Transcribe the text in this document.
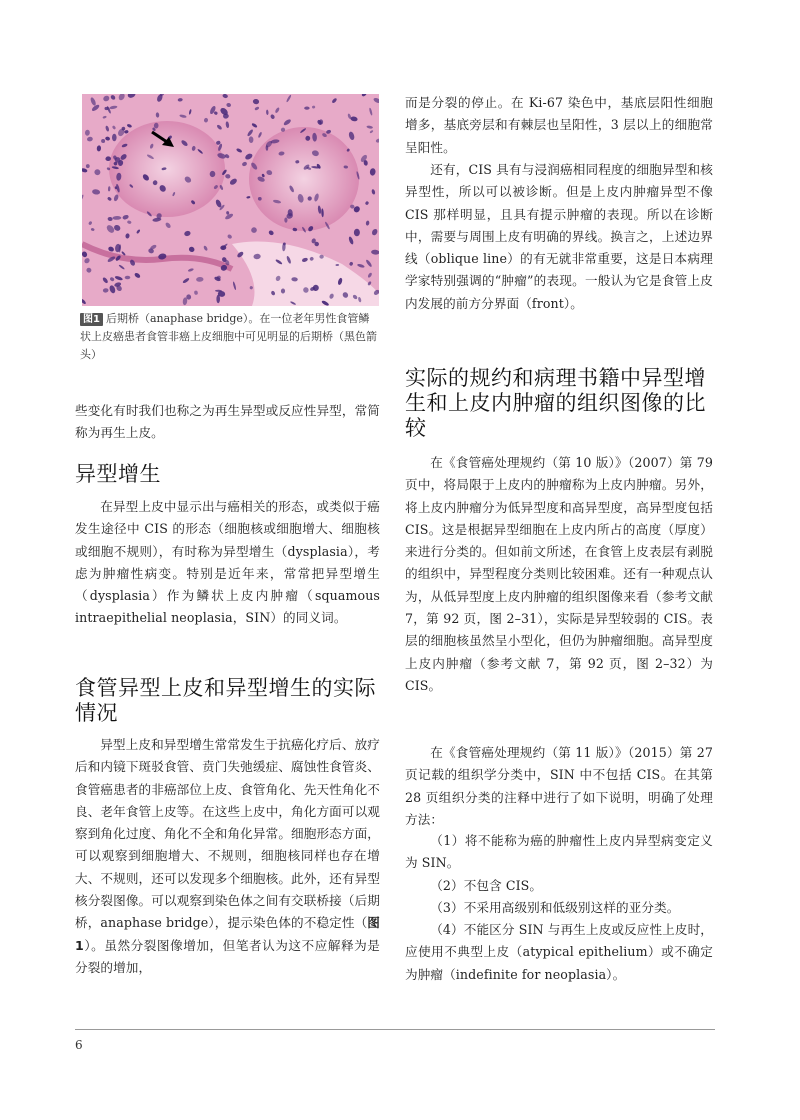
图1 后期桥（anaphase bridge）。在一位老年男性食管鳞状上皮癌患者食管非癌上皮细胞中可见明显的后期桥（黑色箭头）

些变化有时我们也称之为再生异型或反应性异型，常简称为再生上皮。

异型增生

在异型上皮中显示出与癌相关的形态，或类似于癌发生途径中 CIS 的形态（细胞核或细胞增大、细胞核或细胞不规则），有时称为异型增生（dysplasia），考虑为肿瘤性病变。特别是近年来，常常把异型增生（dysplasia）作为鳞状上皮内肿瘤（squamous intraepithelial neoplasia，SIN）的同义词。

食管异型上皮和异型增生的实际情况

异型上皮和异型增生常常发生于抗癌化疗后、放疗后和内镜下斑驳食管、贲门失弛缓症、腐蚀性食管炎、食管癌患者的非癌部位上皮、食管角化、先天性角化不良、老年食管上皮等。在这些上皮中，角化方面可以观察到角化过度、角化不全和角化异常。细胞形态方面，可以观察到细胞增大、不规则，细胞核同样也存在增大、不规则，还可以发现多个细胞核。此外，还有异型核分裂图像。可以观察到染色体之间有交联桥接（后期桥，anaphase bridge），提示染色体的不稳定性（图1）。虽然分裂图像增加，但笔者认为这不应解释为是分裂的增加，

而是分裂的停止。在 Ki-67 染色中，基底层阳性细胞增多，基底旁层和有棘层也呈阳性，3 层以上的细胞常呈阳性。

还有，CIS 具有与浸润癌相同程度的细胞异型和核异型性，所以可以被诊断。但是上皮内肿瘤异型不像 CIS 那样明显，且具有提示肿瘤的表现。所以在诊断中，需要与周围上皮有明确的界线。换言之，上述边界线（oblique line）的有无就非常重要，这是日本病理学家特别强调的“肿瘤”的表现。一般认为它是食管上皮内发展的前方分界面（front）。

实际的规约和病理书籍中异型增生和上皮内肿瘤的组织图像的比较

在《食管癌处理规约（第 10 版）》（2007）第 79 页中，将局限于上皮内的肿瘤称为上皮内肿瘤。另外，将上皮内肿瘤分为低异型度和高异型度，高异型度包括 CIS。这是根据异型细胞在上皮内所占的高度（厚度）来进行分类的。但如前文所述，在食管上皮表层有剥脱的组织中，异型程度分类则比较困难。还有一种观点认为，从低异型度上皮内肿瘤的组织图像来看（参考文献 7，第 92 页，图 2–31），实际是异型较弱的 CIS。表层的细胞核虽然呈小型化，但仍为肿瘤细胞。高异型度上皮内肿瘤（参考文献 7，第 92 页，图 2–32）为 CIS。

在《食管癌处理规约（第 11 版）》（2015）第 27 页记载的组织学分类中，SIN 中不包括 CIS。在其第 28 页组织分类的注释中进行了如下说明，明确了处理方法：

（1）将不能称为癌的肿瘤性上皮内异型病变定义为 SIN。

（2）不包含 CIS。

（3）不采用高级别和低级别这样的亚分类。

（4）不能区分 SIN 与再生上皮或反应性上皮时，应使用不典型上皮（atypical epithelium）或不确定为肿瘤（indefinite for neoplasia）。

6
